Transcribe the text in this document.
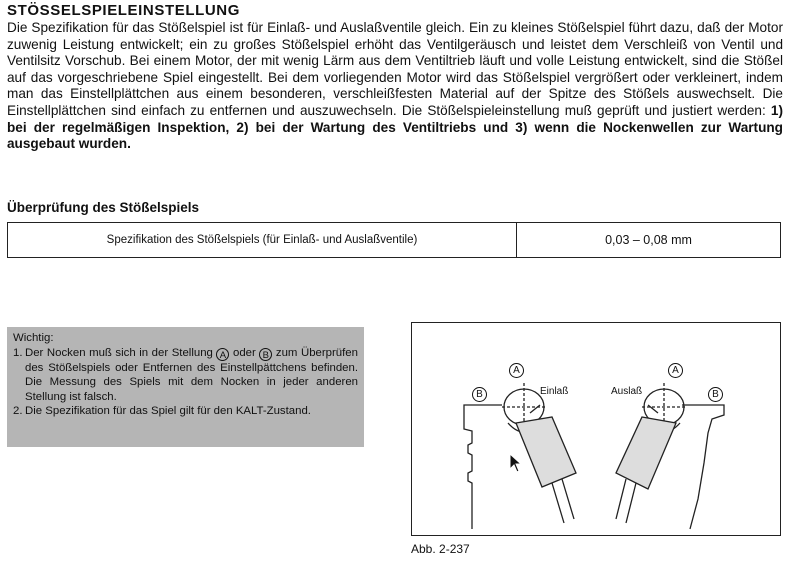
STÖSSELSPIELEINSTELLUNG

Die Spezifikation für das Stößelspiel ist für Einlaß- und Auslaßventile gleich. Ein zu kleines Stößelspiel führt dazu, daß der Motor zuwenig Leistung entwickelt; ein zu großes Stößelspiel erhöht das Ventilgeräusch und leistet dem Verschleiß von Ventil und Ventilsitz Vorschub. Bei einem Motor, der mit wenig Lärm aus dem Ventiltrieb läuft und volle Leistung entwickelt, sind die Stößel auf das vorgeschriebene Spiel eingestellt. Bei dem vorliegenden Motor wird das Stößelspiel vergrößert oder verkleinert, indem man das Einstellplättchen aus einem besonderen, verschleißfesten Material auf der Spitze des Stößels auswechselt. Die Einstellplättchen sind einfach zu entfernen und auszuwechseln. Die Stößelspieleinstellung muß geprüft und justiert werden: 1) bei der regelmäßigen Inspektion, 2) bei der Wartung des Ventiltriebs und 3) wenn die Nockenwellen zur Wartung ausgebaut wurden.

Überprüfung des Stößelspiels
Spezifikation des Stößelspiels (für Einlaß- und Auslaßventile)	0,03 – 0,08 mm
Wichtig:
1. Der Nocken muß sich in der Stellung A oder B zum Überprüfen des Stößelspiels oder Entfernen des Einstellpättchens befinden. Die Messung des Spiels mit dem Nocken in jeder anderen Stellung ist falsch.
2. Die Spezifikation für das Spiel gilt für den KALT-Zustand.
A
B	Einlaß	Auslaß
A
B
Abb. 2-237
